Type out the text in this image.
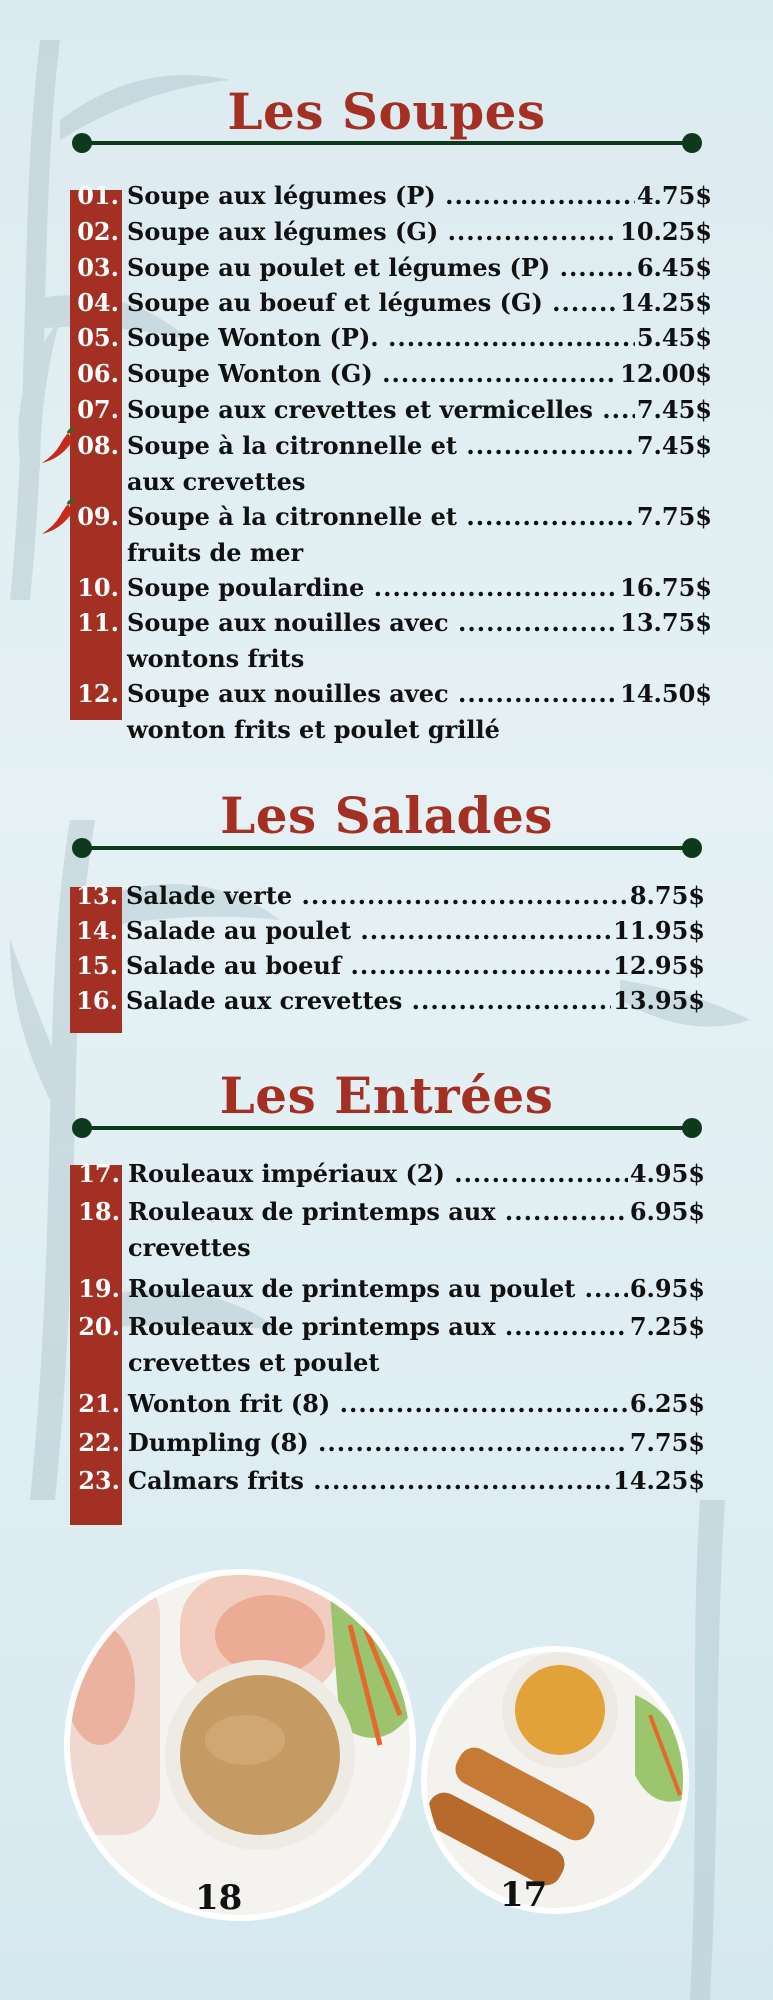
Les Soupes
Les Salades
Les Entrées
01. Soupe aux légumes (P) .....	4.75$
02. Soupe aux légumes (G) .....	10.25$
03. Soupe au poulet et légumes (P) .....	6.45$
04. Soupe au boeuf et légumes (G) .....	14.25$
05. Soupe Wonton (P). .....	5.45$
06. Soupe Wonton (G) .....	12.00$
07. Soupe aux crevettes et vermicelles .....	7.45$
08. Soupe à la citronnelle et .....	7.45$
aux crevettes
09. Soupe à la citronnelle et .....	7.75$
fruits de mer
10. Soupe poulardine .....	16.75$
11. Soupe aux nouilles avec .....	13.75$
wontons frits
12. Soupe aux nouilles avec .....	14.50$
wonton frits et poulet grillé
13. Salade verte .....	8.75$
14. Salade au poulet .....	11.95$
15. Salade au boeuf .....	12.95$
16. Salade aux crevettes .....	13.95$
17. Rouleaux impériaux (2) .....	4.95$
18. Rouleaux de printemps aux .....	6.95$
crevettes
19. Rouleaux de printemps au poulet .....	6.95$
20. Rouleaux de printemps aux .....	7.25$
crevettes et poulet
21. Wonton frit (8) .....	6.25$
22. Dumpling (8) .....	7.75$
23. Calmars frits .....	14.25$
18	17
